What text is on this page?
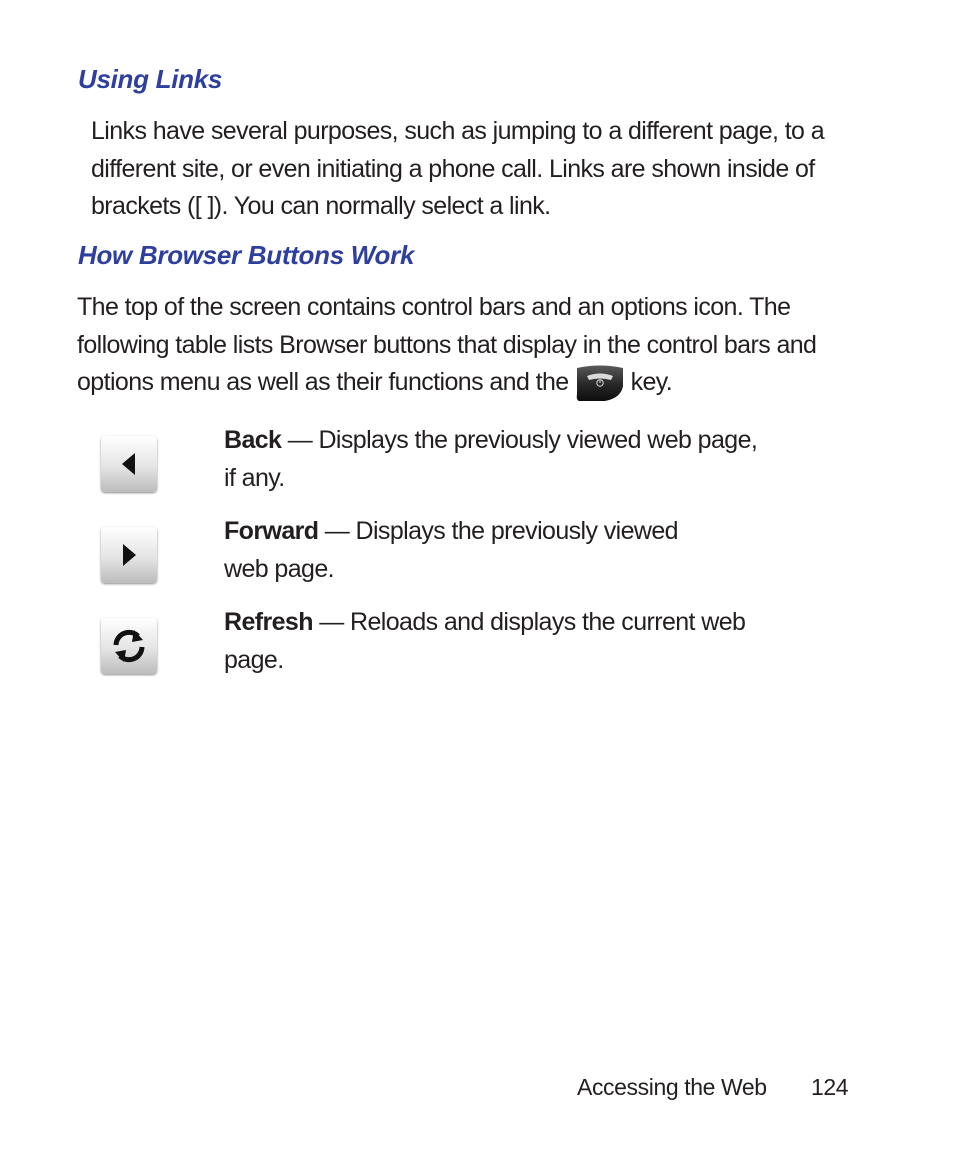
Using Links

Links have several purposes, such as jumping to a different page, to a different site, or even initiating a phone call. Links are shown inside of brackets ([ ]). You can normally select a link.

How Browser Buttons Work

The top of the screen contains control bars and an options icon. The following table lists Browser buttons that display in the control bars and options menu as well as their functions and the key.

Back — Displays the previously viewed web page, if any.

Forward — Displays the previously viewed web page.

Refresh — Reloads and displays the current web page.

Accessing the Web 124
